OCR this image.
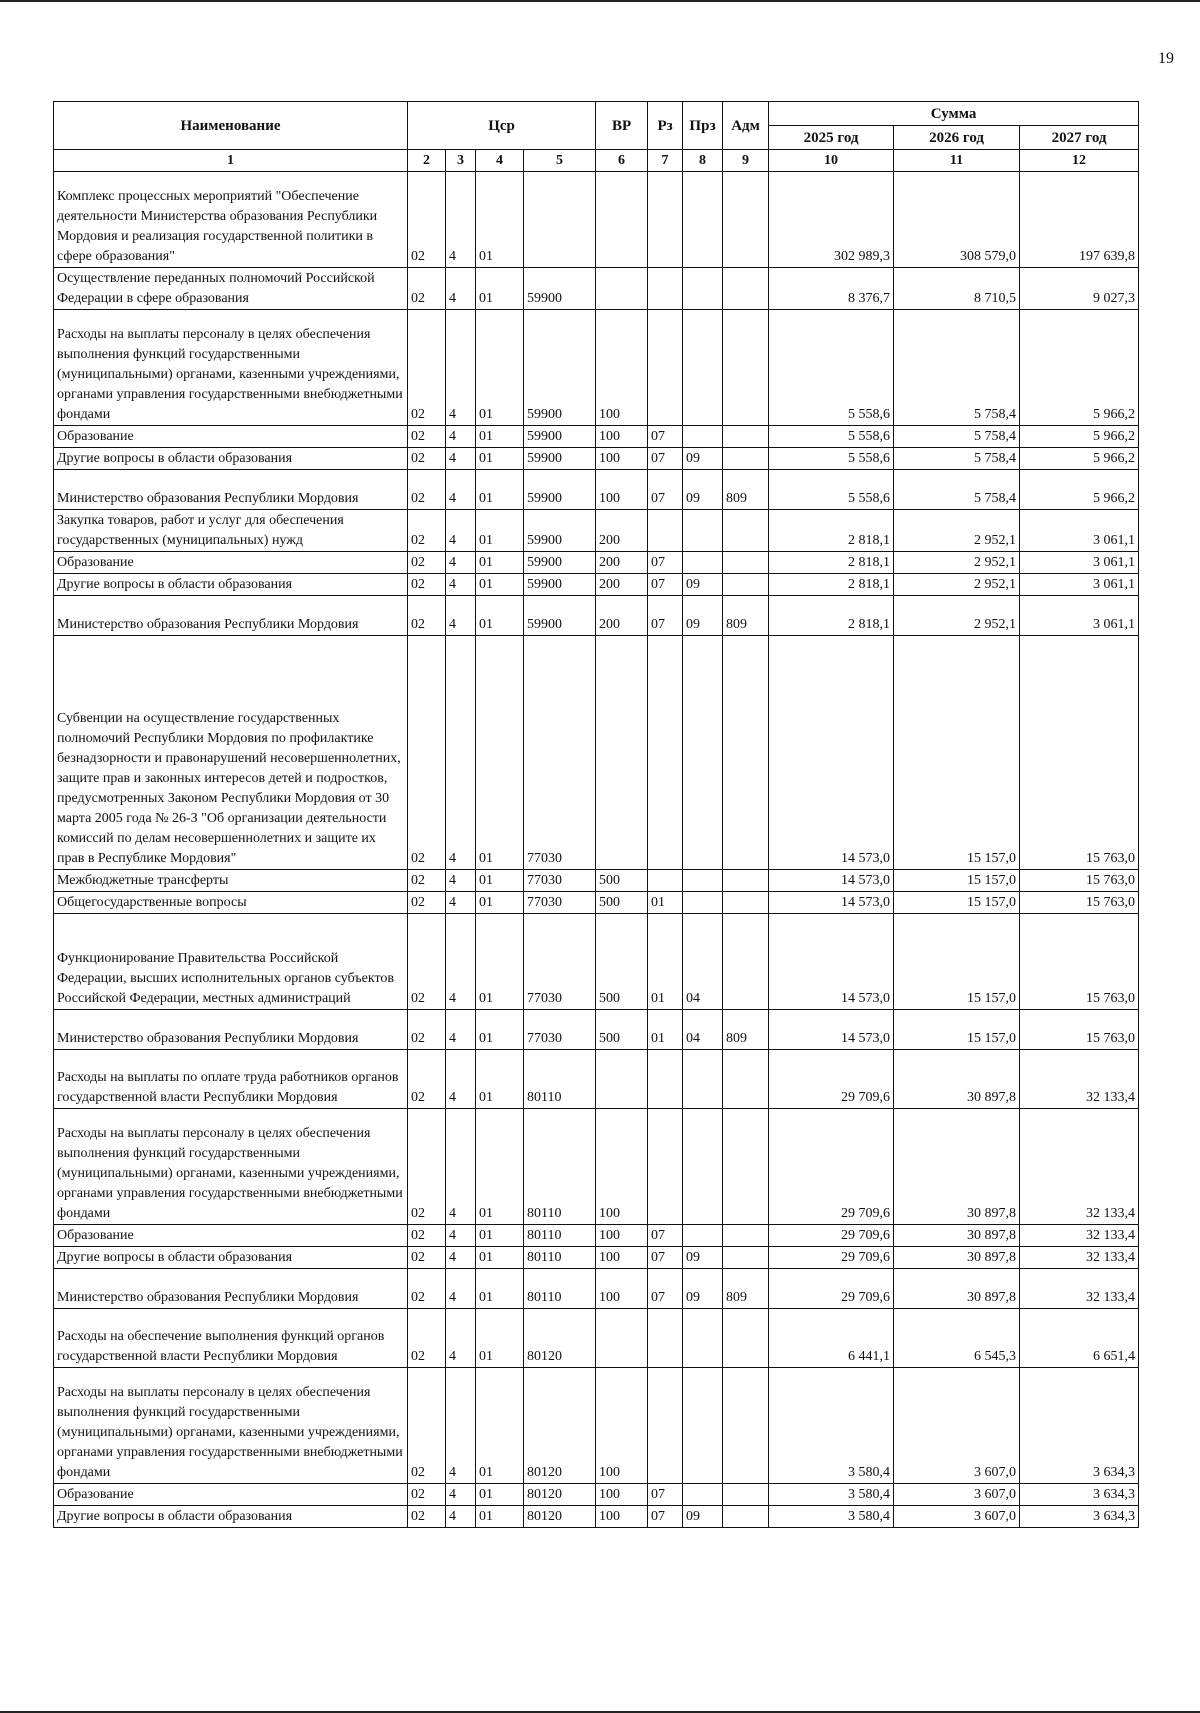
19
Наименование	Цср				ВР	Рз	Прз	Адм	Сумма		
									2025 год	2026 год	2027 год
1	2	3	4	5	6	7	8	9	10	11	12
Комплекс процессных мероприятий "Обеспечение деятельности Министерства образования Республики Мордовия и реализация государственной политики в сфере образования"	02	4	01						302 989,3	308 579,0	197 639,8
Осуществление переданных полномочий Российской Федерации в сфере образования	02	4	01	59900					8 376,7	8 710,5	9 027,3
Расходы на выплаты персоналу в целях обеспечения выполнения функций государственными (муниципальными) органами, казенными учреждениями, органами управления государственными внебюджетными фондами	02	4	01	59900	100				5 558,6	5 758,4	5 966,2
Образование	02	4	01	59900	100	07			5 558,6	5 758,4	5 966,2
Другие вопросы в области образования	02	4	01	59900	100	07	09		5 558,6	5 758,4	5 966,2
Министерство образования Республики Мордовия	02	4	01	59900	100	07	09	809	5 558,6	5 758,4	5 966,2
Закупка товаров, работ и услуг для обеспечения государственных (муниципальных) нужд	02	4	01	59900	200				2 818,1	2 952,1	3 061,1
Образование	02	4	01	59900	200	07			2 818,1	2 952,1	3 061,1
Другие вопросы в области образования	02	4	01	59900	200	07	09		2 818,1	2 952,1	3 061,1
Министерство образования Республики Мордовия	02	4	01	59900	200	07	09	809	2 818,1	2 952,1	3 061,1
Субвенции на осуществление государственных полномочий Республики Мордовия по профилактике безнадзорности и правонарушений несовершеннолетних, защите прав и законных интересов детей и подростков, предусмотренных Законом Республики Мордовия от 30 марта 2005 года № 26-З "Об организации деятельности комиссий по делам несовершеннолетних и защите их прав в Республике Мордовия"	02	4	01	77030					14 573,0	15 157,0	15 763,0
Межбюджетные трансферты	02	4	01	77030	500				14 573,0	15 157,0	15 763,0
Общегосударственные вопросы	02	4	01	77030	500	01			14 573,0	15 157,0	15 763,0
Функционирование Правительства Российской Федерации, высших исполнительных органов субъектов Российской Федерации, местных администраций	02	4	01	77030	500	01	04		14 573,0	15 157,0	15 763,0
Министерство образования Республики Мордовия	02	4	01	77030	500	01	04	809	14 573,0	15 157,0	15 763,0
Расходы на выплаты по оплате труда работников органов государственной власти Республики Мордовия	02	4	01	80110					29 709,6	30 897,8	32 133,4
Расходы на выплаты персоналу в целях обеспечения выполнения функций государственными (муниципальными) органами, казенными учреждениями, органами управления государственными внебюджетными фондами	02	4	01	80110	100				29 709,6	30 897,8	32 133,4
Образование	02	4	01	80110	100	07			29 709,6	30 897,8	32 133,4
Другие вопросы в области образования	02	4	01	80110	100	07	09		29 709,6	30 897,8	32 133,4
Министерство образования Республики Мордовия	02	4	01	80110	100	07	09	809	29 709,6	30 897,8	32 133,4
Расходы на обеспечение выполнения функций органов государственной власти Республики Мордовия	02	4	01	80120					6 441,1	6 545,3	6 651,4
Расходы на выплаты персоналу в целях обеспечения выполнения функций государственными (муниципальными) органами, казенными учреждениями, органами управления государственными внебюджетными фондами	02	4	01	80120	100				3 580,4	3 607,0	3 634,3
Образование	02	4	01	80120	100	07			3 580,4	3 607,0	3 634,3
Другие вопросы в области образования	02	4	01	80120	100	07	09		3 580,4	3 607,0	3 634,3
